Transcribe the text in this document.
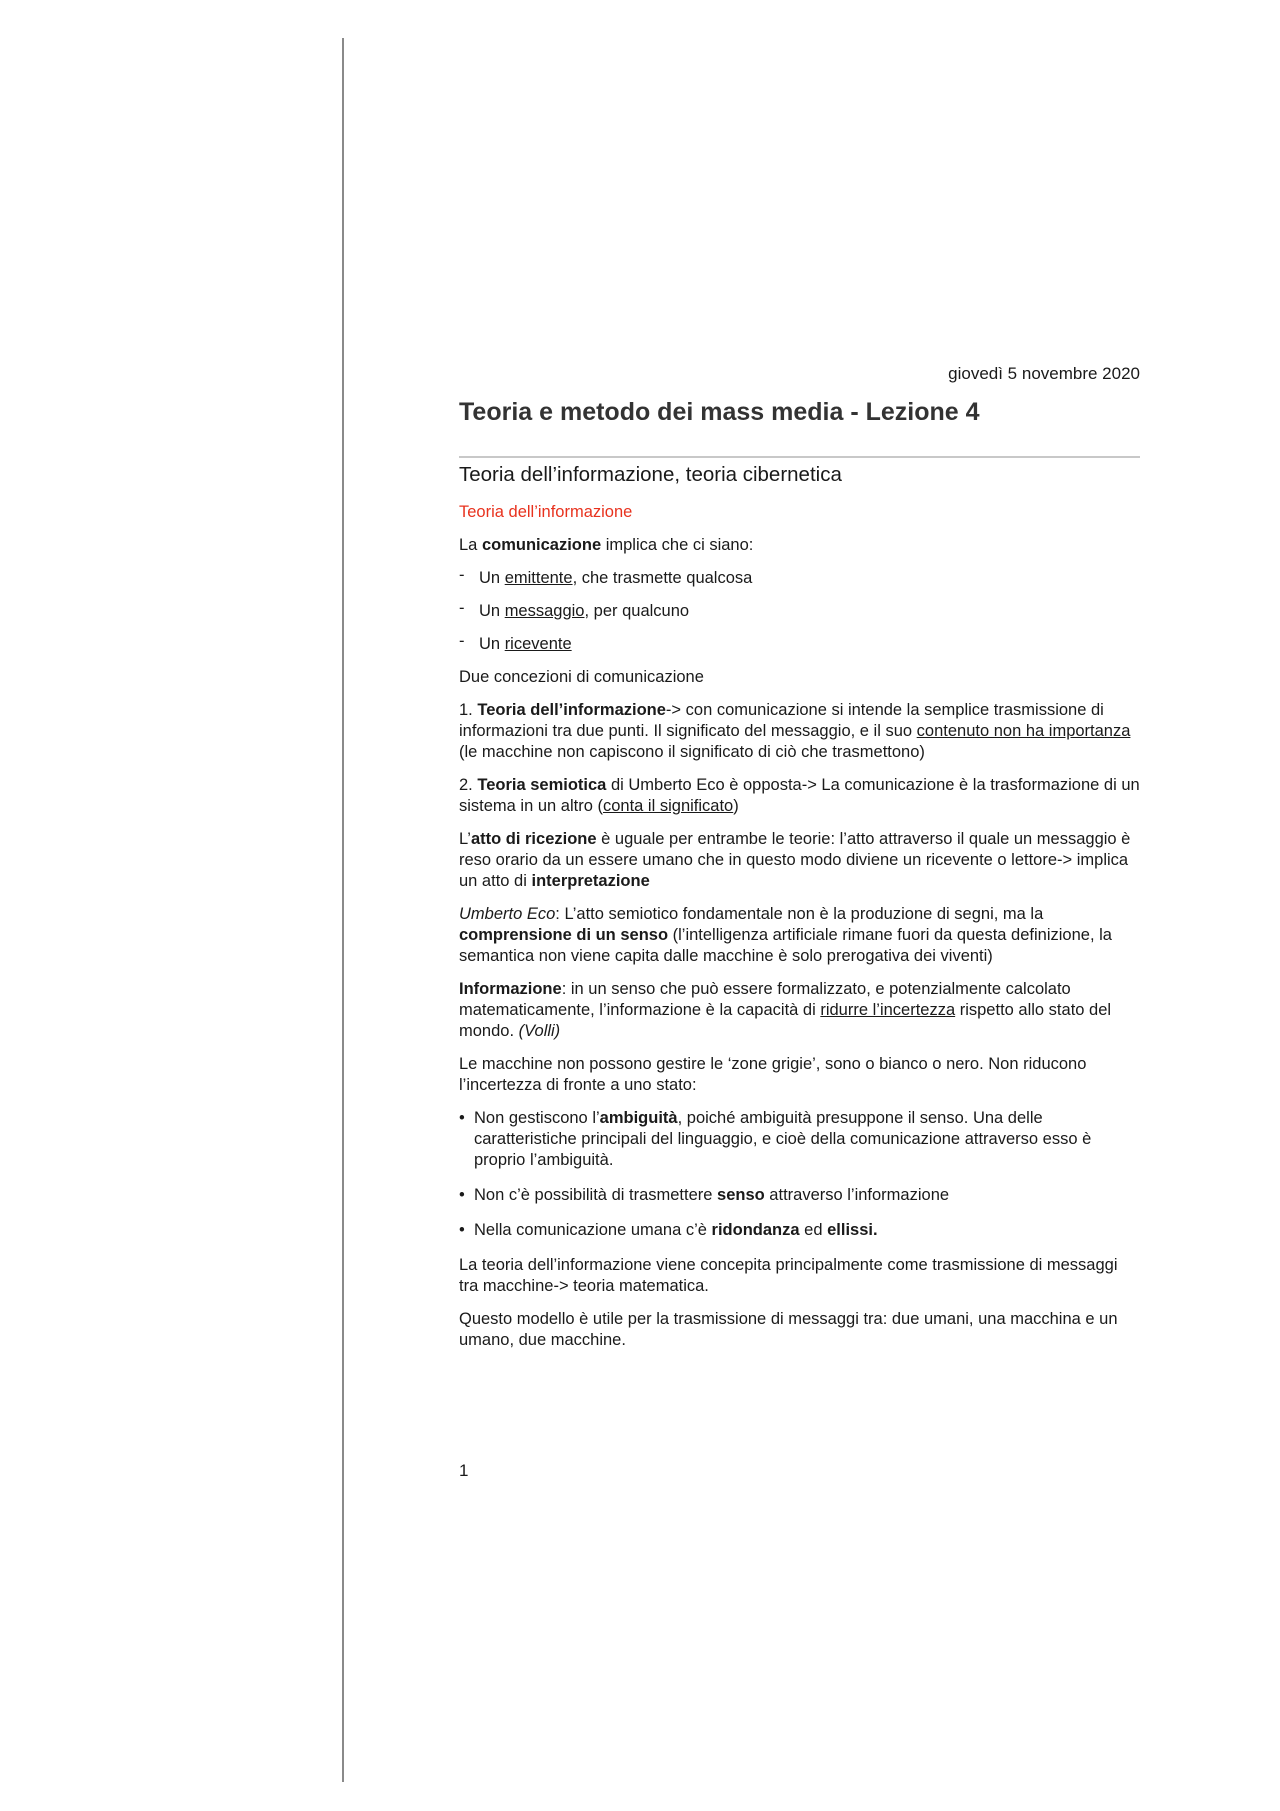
giovedì 5 novembre 2020
Teoria e metodo dei mass media - Lezione 4
Teoria dell’informazione, teoria cibernetica

Teoria dell’informazione

La comunicazione implica che ci siano:

- Un emittente, che trasmette qualcosa
- Un messaggio, per qualcuno
- Un ricevente

Due concezioni di comunicazione

1. Teoria dell’informazione-> con comunicazione si intende la semplice trasmissione di informazioni tra due punti. Il significato del messaggio, e il suo contenuto non ha importanza (le macchine non capiscono il significato di ciò che trasmettono)

2. Teoria semiotica di Umberto Eco è opposta-> La comunicazione è la trasformazione di un sistema in un altro (conta il significato)

L’atto di ricezione è uguale per entrambe le teorie: l’atto attraverso il quale un messaggio è reso orario da un essere umano che in questo modo diviene un ricevente o lettore-> implica un atto di interpretazione

Umberto Eco: L’atto semiotico fondamentale non è la produzione di segni, ma la comprensione di un senso (l’intelligenza artificiale rimane fuori da questa definizione, la semantica non viene capita dalle macchine è solo prerogativa dei viventi)

Informazione: in un senso che può essere formalizzato, e potenzialmente calcolato matematicamente, l’informazione è la capacità di ridurre l’incertezza rispetto allo stato del mondo. (Volli)

Le macchine non possono gestire le ‘zone grigie’, sono o bianco o nero. Non riducono l’incertezza di fronte a uno stato:

• Non gestiscono l’ambiguità, poiché ambiguità presuppone il senso. Una delle caratteristiche principali del linguaggio, e cioè della comunicazione attraverso esso è proprio l’ambiguità.
• Non c’è possibilità di trasmettere senso attraverso l’informazione
• Nella comunicazione umana c’è ridondanza ed ellissi.

La teoria dell’informazione viene concepita principalmente come trasmissione di messaggi tra macchine-> teoria matematica.

Questo modello è utile per la trasmissione di messaggi tra: due umani, una macchina e un umano, due macchine.

1
